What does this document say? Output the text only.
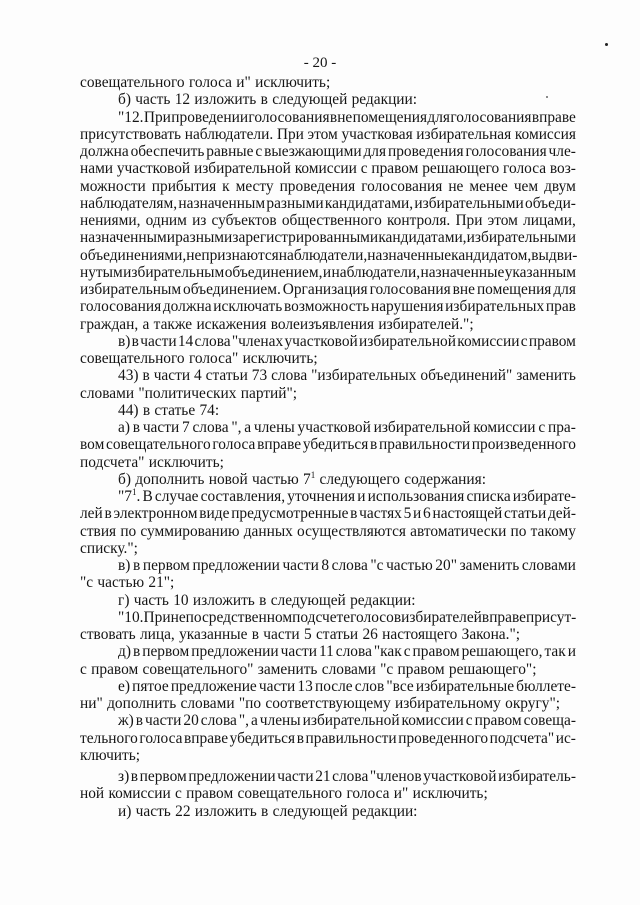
- 20 -
совещательного голоса и" исключить;
б) часть 12 изложить в следующей редакции:
"12. При проведении голосования вне помещения для голосования вправе
присутствовать наблюдатели. При этом участковая избирательная комиссия
должна обеспечить равные с выезжающими для проведения голосования чле-
нами участковой избирательной комиссии с правом решающего голоса воз-
можности прибытия к месту проведения голосования не менее чем двум
наблюдателям, назначенным разными кандидатами, избирательными объеди-
нениями, одним из субъектов общественного контроля. При этом лицами,
назначенными разными зарегистрированными кандидатами, избирательными
объединениями, не признаются наблюдатели, назначенные кандидатом, выдви-
нутым избирательным объединением, и наблюдатели, назначенные указанным
избирательным объединением. Организация голосования вне помещения для
голосования должна исключать возможность нарушения избирательных прав
граждан, а также искажения волеизъявления избирателей.";
в) в части 14 слова "членах участковой избирательной комиссии с правом
совещательного голоса" исключить;
43) в части 4 статьи 73 слова "избирательных объединений" заменить
словами "политических партий";
44) в статье 74:
а) в части 7 слова ", а члены участковой избирательной комиссии с пра-
вом совещательного голоса вправе убедиться в правильности произведенного
подсчета" исключить;
б) дополнить новой частью $7^1$ следующего содержания:
"$7^1$. В случае составления, уточнения и использования списка избирате-
лей в электронном виде предусмотренные в частях 5 и 6 настоящей статьи дей-
ствия по суммированию данных осуществляются автоматически по такому
списку.";
в) в первом предложении части 8 слова "с частью 20" заменить словами
"с частью 21";
г) часть 10 изложить в следующей редакции:
"10. При непосредственном подсчете голосов избирателей вправе присут-
ствовать лица, указанные в части 5 статьи 26 настоящего Закона.";
д) в первом предложении части 11 слова "как с правом решающего, так и
с правом совещательного" заменить словами "с правом решающего";
е) пятое предложение части 13 после слов "все избирательные бюллете-
ни" дополнить словами "по соответствующему избирательному округу";
ж) в части 20 слова ", а члены избирательной комиссии с правом совеща-
тельного голоса вправе убедиться в правильности проведенного подсчета" ис-
ключить;
з) в первом предложении части 21 слова "членов участковой избиратель-
ной комиссии с правом совещательного голоса и" исключить;
и) часть 22 изложить в следующей редакции:
